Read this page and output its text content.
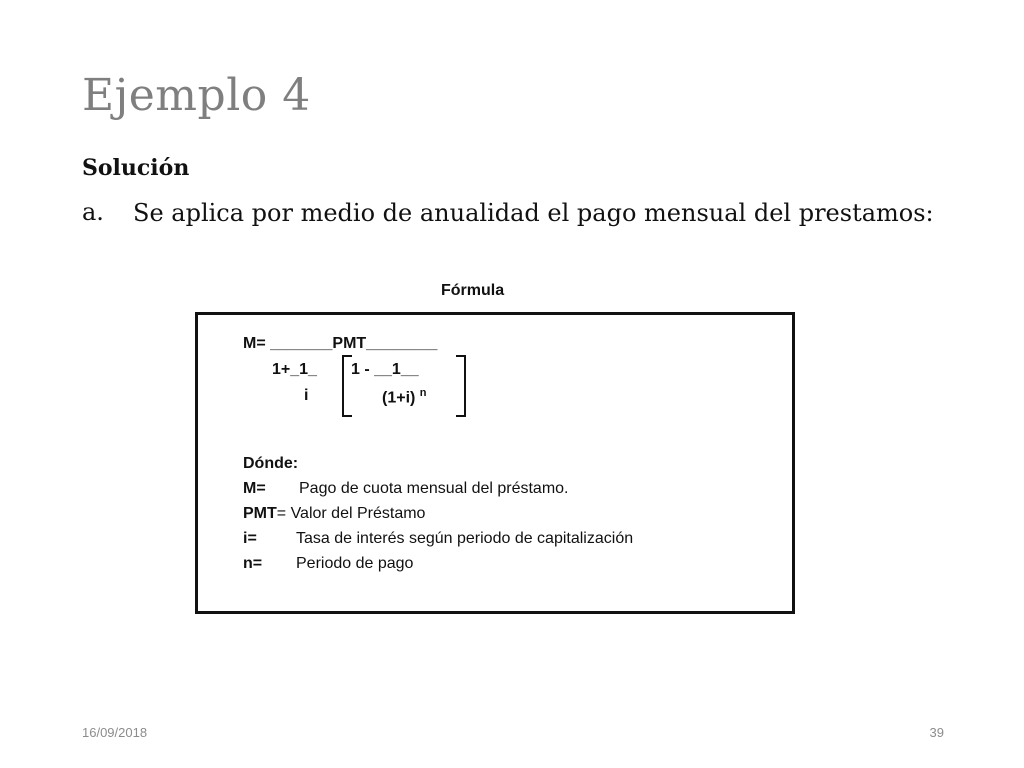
Ejemplo 4
Solución
a. Se aplica por medio de anualidad el pago mensual del prestamos:
Fórmula
M= _______PMT________
1+_1_ 1 - __1__
i	(1+i) $^n$
Dónde:
M= Pago de cuota mensual del préstamo.
PMT= Valor del Préstamo
i= Tasa de interés según periodo de capitalización
n= Periodo de pago
16/09/2018	39
